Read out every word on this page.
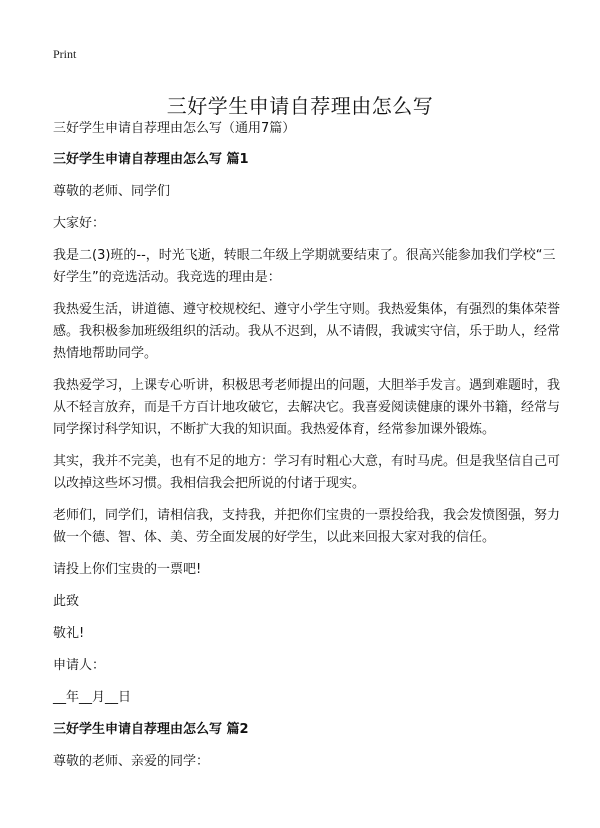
Print
三好学生申请自荐理由怎么写

三好学生申请自荐理由怎么写（通用7篇）

三好学生申请自荐理由怎么写 篇1

尊敬的老师、同学们

大家好：

我是二(3)班的--，时光飞逝，转眼二年级上学期就要结束了。很高兴能参加我们学校“三好学生”的竞选活动。我竞选的理由是：

我热爱生活，讲道德、遵守校规校纪、遵守小学生守则。我热爱集体，有强烈的集体荣誉感。我积极参加班级组织的活动。我从不迟到，从不请假，我诚实守信，乐于助人，经常热情地帮助同学。

我热爱学习，上课专心听讲，积极思考老师提出的问题，大胆举手发言。遇到难题时，我从不轻言放弃，而是千方百计地攻破它，去解决它。我喜爱阅读健康的课外书籍，经常与同学探讨科学知识，不断扩大我的知识面。我热爱体育，经常参加课外锻炼。

其实，我并不完美，也有不足的地方：学习有时粗心大意，有时马虎。但是我坚信自己可以改掉这些坏习惯。我相信我会把所说的付诸于现实。

老师们，同学们，请相信我，支持我，并把你们宝贵的一票投给我，我会发愤图强，努力做一个德、智、体、美、劳全面发展的好学生，以此来回报大家对我的信任。

请投上你们宝贵的一票吧!

此致

敬礼!

申请人：

__年__月__日

三好学生申请自荐理由怎么写 篇2

尊敬的老师、亲爱的同学：
